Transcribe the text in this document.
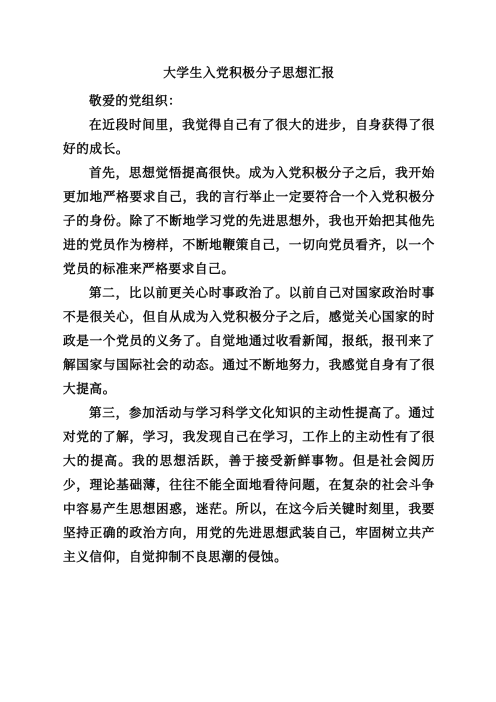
大学生入党积极分子思想汇报

敬爱的党组织：

在近段时间里，我觉得自己有了很大的进步，自身获得了很好的成长。

首先，思想觉悟提高很快。成为入党积极分子之后，我开始更加地严格要求自己，我的言行举止一定要符合一个入党积极分子的身份。除了不断地学习党的先进思想外，我也开始把其他先进的党员作为榜样，不断地鞭策自己，一切向党员看齐，以一个党员的标准来严格要求自己。

第二，比以前更关心时事政治了。以前自己对国家政治时事不是很关心，但自从成为入党积极分子之后，感觉关心国家的时政是一个党员的义务了。自觉地通过收看新闻，报纸，报刊来了解国家与国际社会的动态。通过不断地努力，我感觉自身有了很大提高。

第三，参加活动与学习科学文化知识的主动性提高了。通过对党的了解，学习，我发现自己在学习，工作上的主动性有了很大的提高。我的思想活跃，善于接受新鲜事物。但是社会阅历少，理论基础薄，往往不能全面地看待问题，在复杂的社会斗争中容易产生思想困惑，迷茫。所以，在这今后关键时刻里，我要坚持正确的政治方向，用党的先进思想武装自己，牢固树立共产主义信仰，自觉抑制不良思潮的侵蚀。
